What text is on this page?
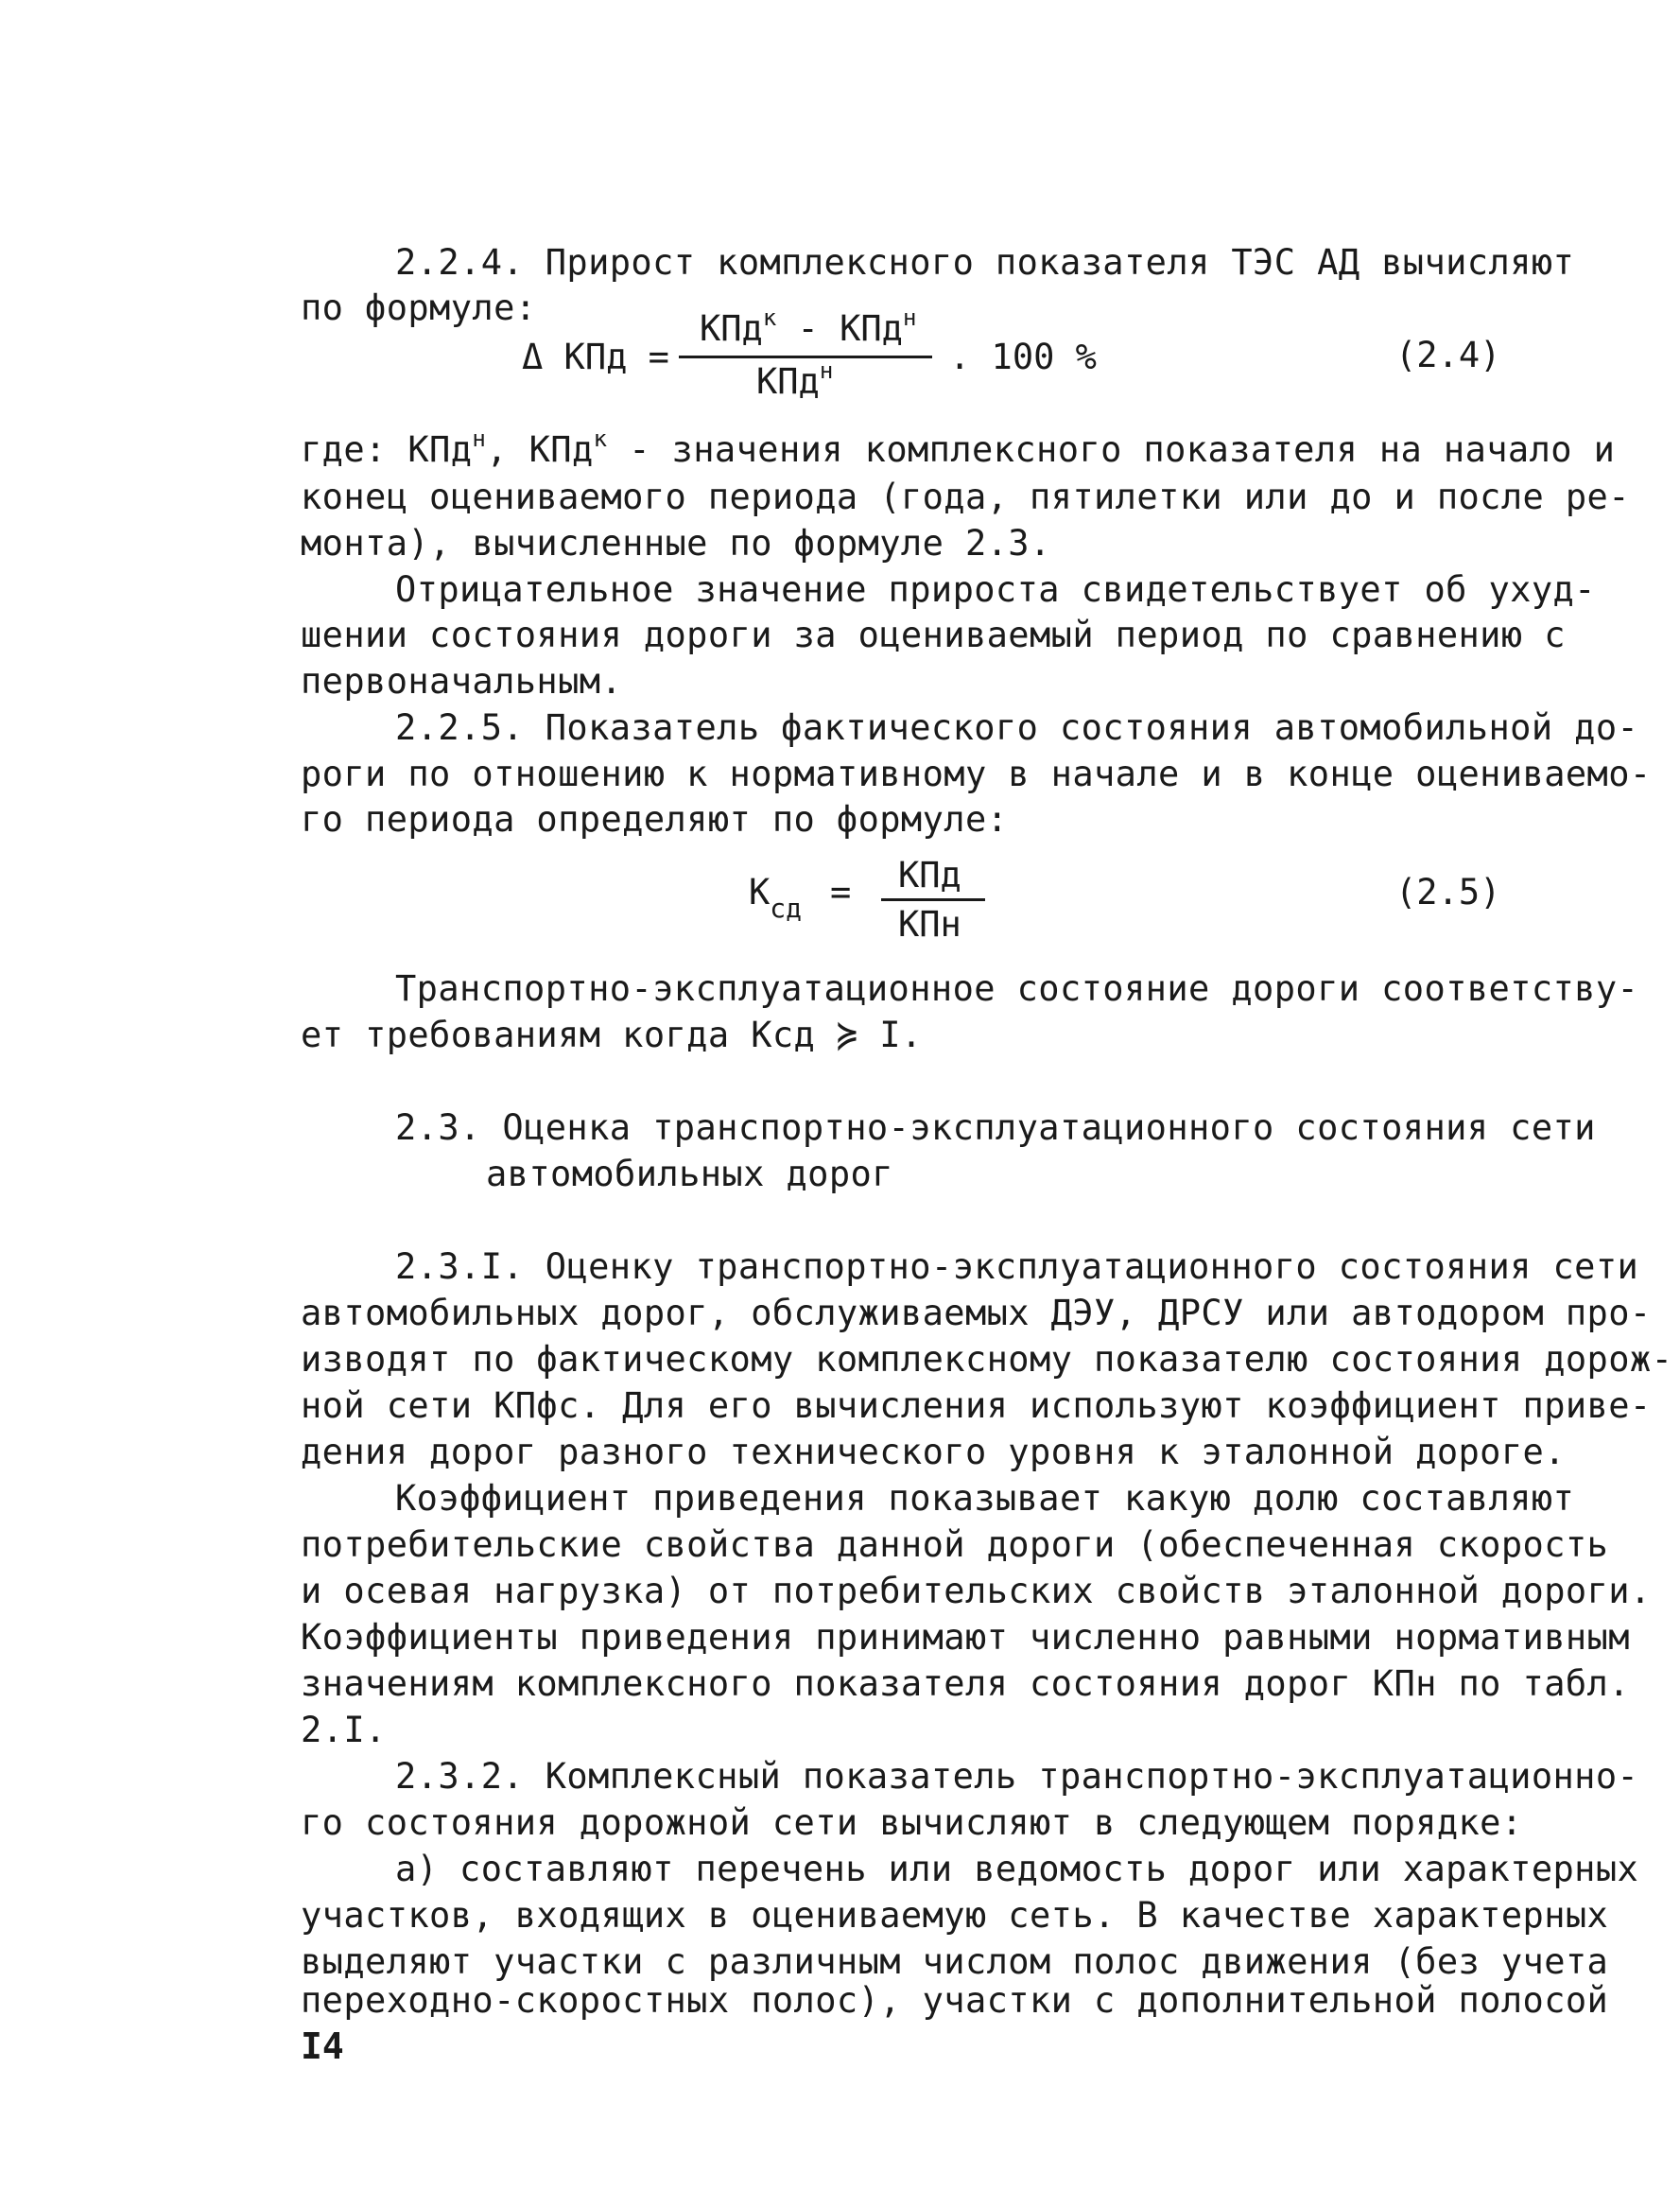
2.2.4. Прирост комплексного показателя ТЭС АД вычисляют
по формуле:
Δ КПд =
КПд$^к$ - КПд$^н$
КПд$^н$	. 100 %	(2.4)
где: КПд$^н$, КПд$^к$ - значения комплексного показателя на начало и
конец оцениваемого периода (года, пятилетки или до и после ре-
монта), вычисленные по формуле 2.3.
Отрицательное значение прироста свидетельствует об ухуд-
шении состояния дороги за оцениваемый период по сравнению с
первоначальным.
2.2.5. Показатель фактического состояния автомобильной до-
роги по отношению к нормативному в начале и в конце оцениваемо-
го периода определяют по формуле:
$К_{сд}$ = КПд
КПн
(2.5)
Транспортно-эксплуатационное состояние дороги соответству-
ет требованиям когда Ксд ≽ I.
2.3. Оценка транспортно-эксплуатационного состояния сети
автомобильных дорог
2.3.I. Оценку транспортно-эксплуатационного состояния сети
автомобильных дорог, обслуживаемых ДЭУ, ДРСУ или автодором про-
изводят по фактическому комплексному показателю состояния дорож-
ной сети КПфс. Для его вычисления используют коэффициент приве-
дения дорог разного технического уровня к эталонной дороге.
Коэффициент приведения показывает какую долю составляют
потребительские свойства данной дороги (обеспеченная скорость
и осевая нагрузка) от потребительских свойств эталонной дороги.
Коэффициенты приведения принимают численно равными нормативным
значениям комплексного показателя состояния дорог КПн по табл.
2.I.
2.3.2. Комплексный показатель транспортно-эксплуатационно-
го состояния дорожной сети вычисляют в следующем порядке:
а) составляют перечень или ведомость дорог или характерных
участков, входящих в оцениваемую сеть. В качестве характерных
выделяют участки с различным числом полос движения (без учета
переходно-скоростных полос), участки с дополнительной полосой
I4
